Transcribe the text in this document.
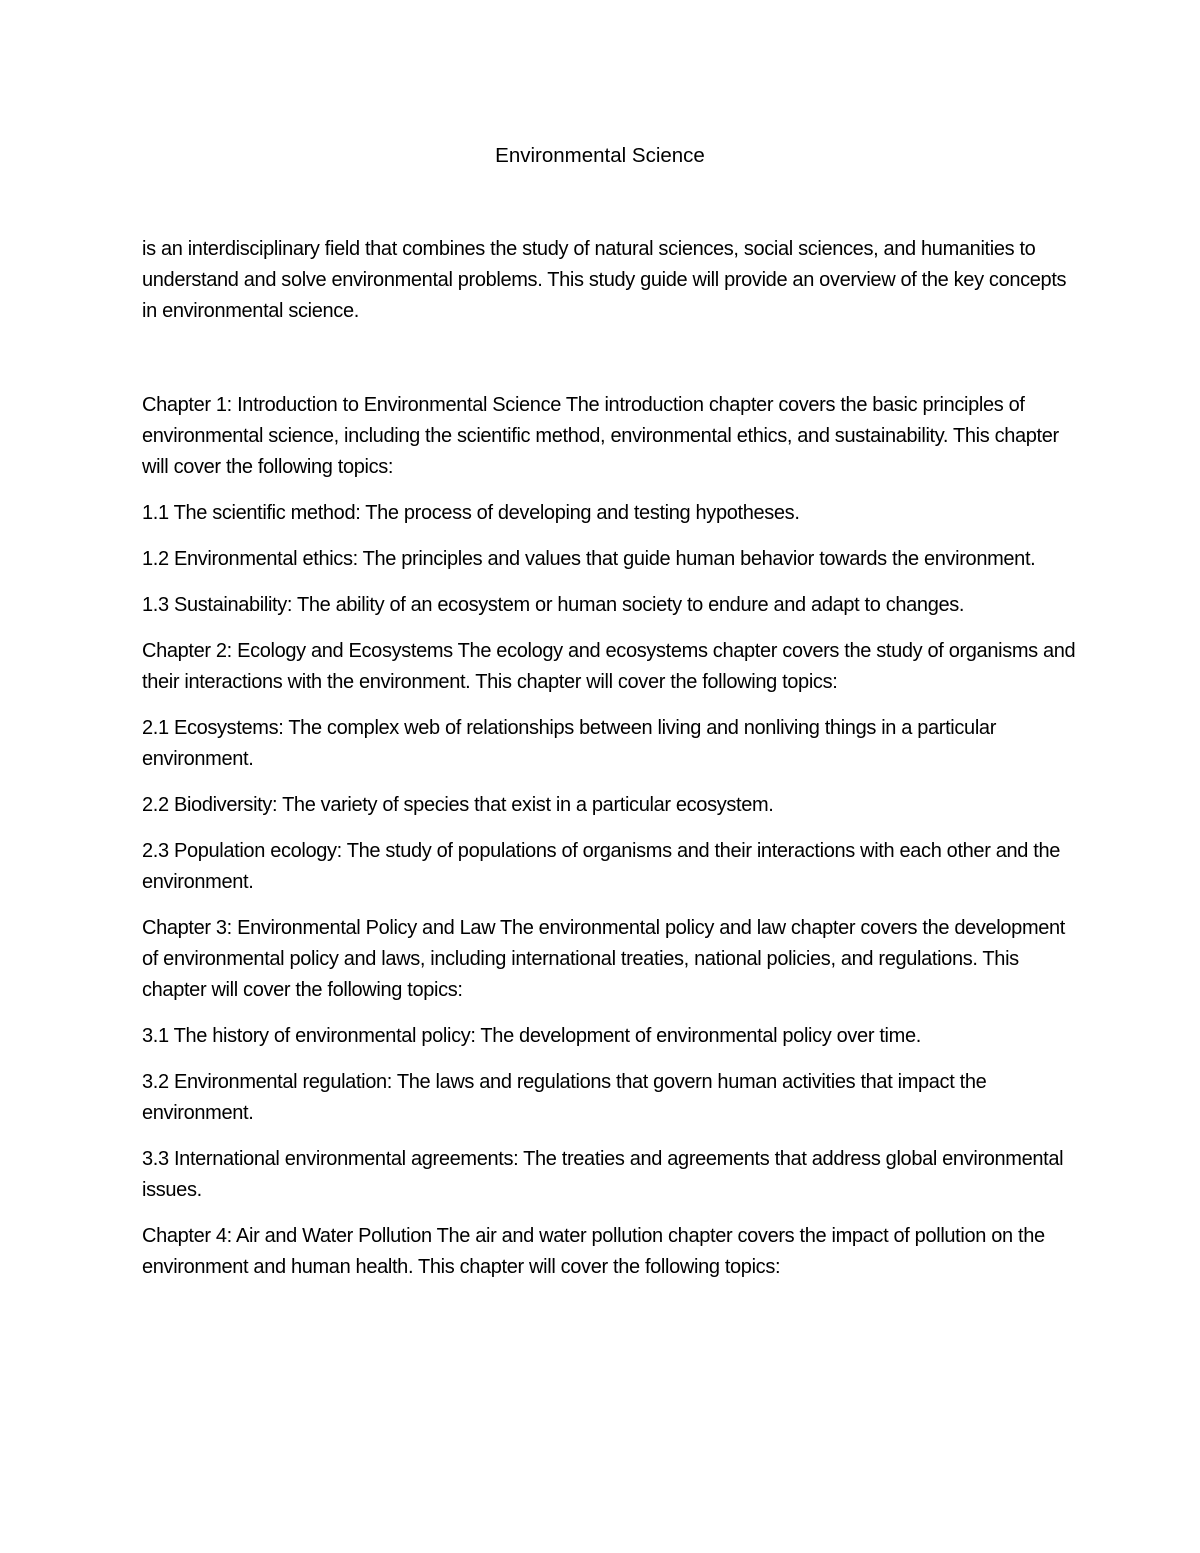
Environmental Science

is an interdisciplinary field that combines the study of natural sciences, social sciences, and humanities to understand and solve environmental problems. This study guide will provide an overview of the key concepts in environmental science.

Chapter 1: Introduction to Environmental Science The introduction chapter covers the basic principles of environmental science, including the scientific method, environmental ethics, and sustainability. This chapter will cover the following topics:

1.1 The scientific method: The process of developing and testing hypotheses.

1.2 Environmental ethics: The principles and values that guide human behavior towards the environment.

1.3 Sustainability: The ability of an ecosystem or human society to endure and adapt to changes.

Chapter 2: Ecology and Ecosystems The ecology and ecosystems chapter covers the study of organisms and their interactions with the environment. This chapter will cover the following topics:

2.1 Ecosystems: The complex web of relationships between living and nonliving things in a particular environment.

2.2 Biodiversity: The variety of species that exist in a particular ecosystem.

2.3 Population ecology: The study of populations of organisms and their interactions with each other and the environment.

Chapter 3: Environmental Policy and Law The environmental policy and law chapter covers the development of environmental policy and laws, including international treaties, national policies, and regulations. This chapter will cover the following topics:

3.1 The history of environmental policy: The development of environmental policy over time.

3.2 Environmental regulation: The laws and regulations that govern human activities that impact the environment.

3.3 International environmental agreements: The treaties and agreements that address global environmental issues.

Chapter 4: Air and Water Pollution The air and water pollution chapter covers the impact of pollution on the environment and human health. This chapter will cover the following topics:
